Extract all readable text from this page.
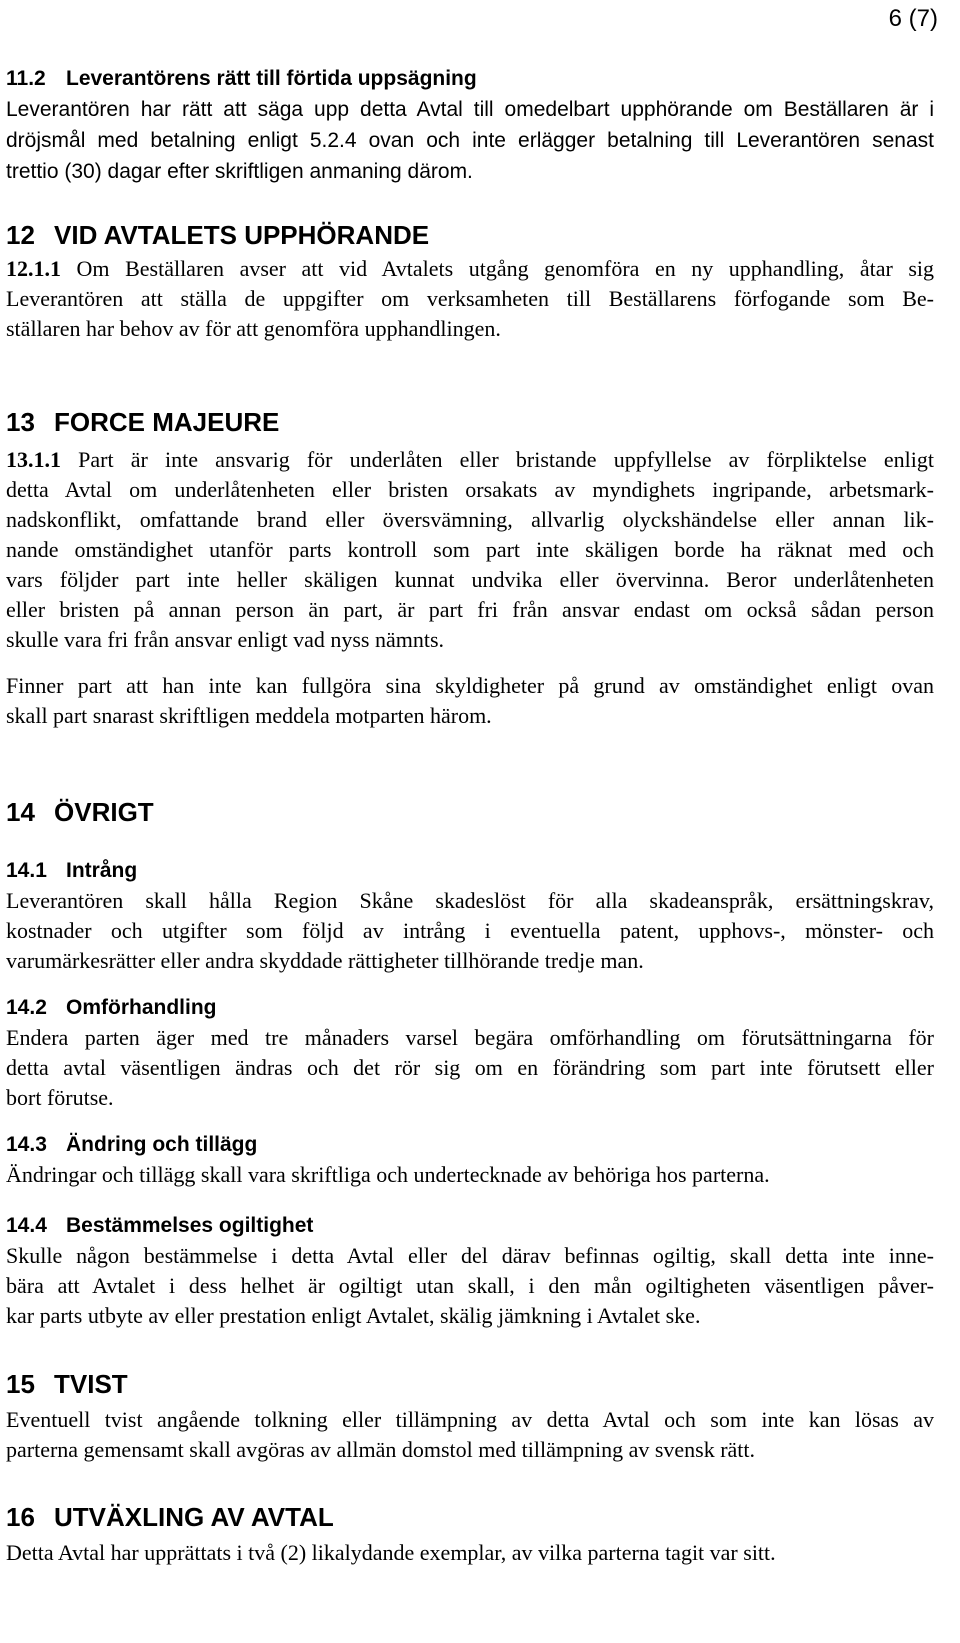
6 (7)
11.2 Leverantörens rätt till förtida uppsägning

Leverantören har rätt att säga upp detta Avtal till omedelbart upphörande om Beställaren är i
dröjsmål med betalning enligt 5.2.4 ovan och inte erlägger betalning till Leverantören senast
trettio (30) dagar efter skriftligen anmaning därom.

12 VID AVTALETS UPPHÖRANDE

12.1.1 Om Beställaren avser att vid Avtalets utgång genomföra en ny upphandling, åtar sig
Leverantören att ställa de uppgifter om verksamheten till Beställarens förfogande som Be-
ställaren har behov av för att genomföra upphandlingen.

13 FORCE MAJEURE

13.1.1 Part är inte ansvarig för underlåten eller bristande uppfyllelse av förpliktelse enligt
detta Avtal om underlåtenheten eller bristen orsakats av myndighets ingripande, arbetsmark-
nadskonflikt, omfattande brand eller översvämning, allvarlig olyckshändelse eller annan lik-
nande omständighet utanför parts kontroll som part inte skäligen borde ha räknat med och
vars följder part inte heller skäligen kunnat undvika eller övervinna. Beror underlåtenheten
eller bristen på annan person än part, är part fri från ansvar endast om också sådan person
skulle vara fri från ansvar enligt vad nyss nämnts.

Finner part att han inte kan fullgöra sina skyldigheter på grund av omständighet enligt ovan
skall part snarast skriftligen meddela motparten härom.

14 ÖVRIGT
14.1 Intrång

Leverantören skall hålla Region Skåne skadeslöst för alla skadeanspråk, ersättningskrav,
kostnader och utgifter som följd av intrång i eventuella patent, upphovs-, mönster- och
varumärkesrätter eller andra skyddade rättigheter tillhörande tredje man.

14.2 Omförhandling

Endera parten äger med tre månaders varsel begära omförhandling om förutsättningarna för
detta avtal väsentligen ändras och det rör sig om en förändring som part inte förutsett eller
bort förutse.

14.3 Ändring och tillägg

Ändringar och tillägg skall vara skriftliga och undertecknade av behöriga hos parterna.

14.4 Bestämmelses ogiltighet

Skulle någon bestämmelse i detta Avtal eller del därav befinnas ogiltig, skall detta inte inne-
bära att Avtalet i dess helhet är ogiltigt utan skall, i den mån ogiltigheten väsentligen påver-
kar parts utbyte av eller prestation enligt Avtalet, skälig jämkning i Avtalet ske.

15 TVIST

Eventuell tvist angående tolkning eller tillämpning av detta Avtal och som inte kan lösas av
parterna gemensamt skall avgöras av allmän domstol med tillämpning av svensk rätt.

16 UTVÄXLING AV AVTAL

Detta Avtal har upprättats i två (2) likalydande exemplar, av vilka parterna tagit var sitt.
